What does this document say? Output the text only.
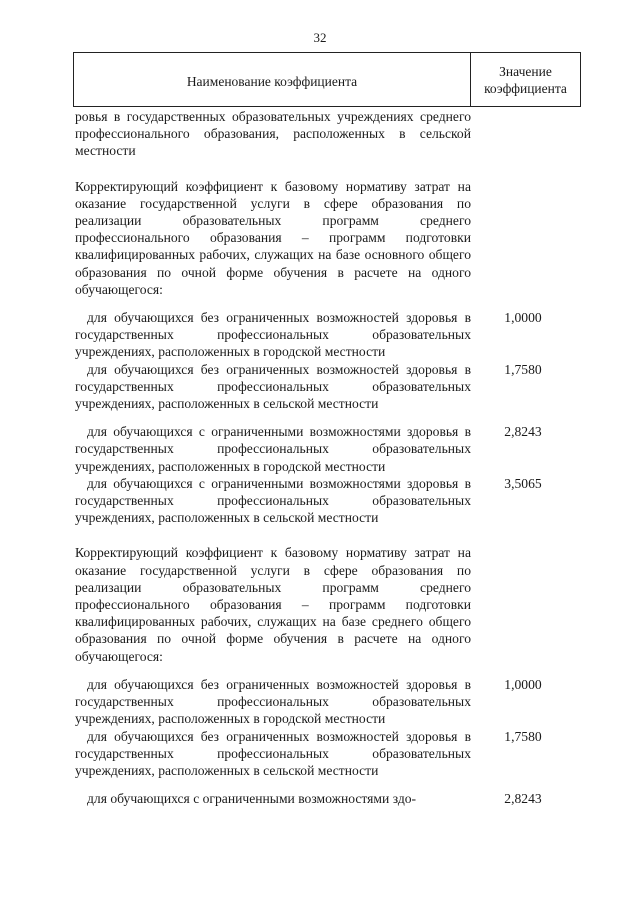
32
Наименование коэффициента
Значение
коэффициента
ровья в государственных образовательных учреждениях среднего профессионального образования, расположенных в сельской местности
Корректирующий коэффициент к базовому нормативу затрат на оказание государственной услуги в сфере образования по реализации образовательных программ среднего профессионального образования – программ подготовки квалифицированных рабочих, служащих на базе основного общего образования по очной форме обучения в расчете на одного обучающегося:
для обучающихся без ограниченных возможностей здоровья в государственных профессиональных образовательных учреждениях, расположенных в городской местности
1,0000
для обучающихся без ограниченных возможностей здоровья в государственных профессиональных образовательных учреждениях, расположенных в сельской местности
1,7580
для обучающихся с ограниченными возможностями здоровья в государственных профессиональных образовательных учреждениях, расположенных в городской местности
2,8243
для обучающихся с ограниченными возможностями здоровья в государственных профессиональных образовательных учреждениях, расположенных в сельской местности
3,5065
Корректирующий коэффициент к базовому нормативу затрат на оказание государственной услуги в сфере образования по реализации образовательных программ среднего профессионального образования – программ подготовки квалифицированных рабочих, служащих на базе среднего общего образования по очной форме обучения в расчете на одного обучающегося:
для обучающихся без ограниченных возможностей здоровья в государственных профессиональных образовательных учреждениях, расположенных в городской местности
1,0000
для обучающихся без ограниченных возможностей здоровья в государственных профессиональных образовательных учреждениях, расположенных в сельской местности
1,7580
для обучающихся с ограниченными возможностями здо-	2,8243
